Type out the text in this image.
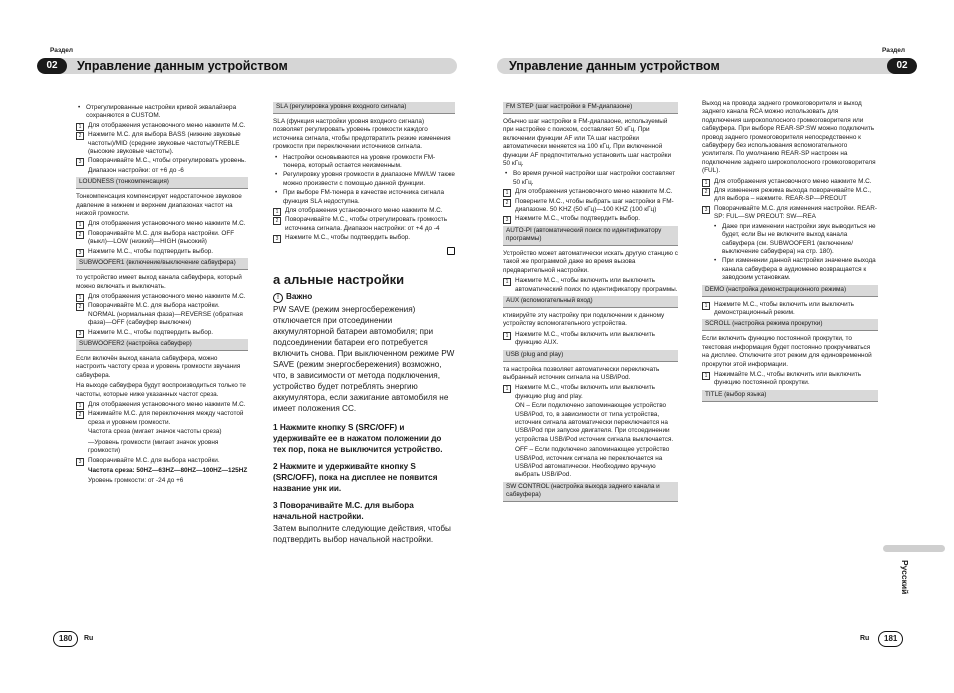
Раздел	Раздел
02	Управление данным устройством	Управление данным устройством	02
• Отрегулированные настройки кривой эквалайзера сохраняются в CUSTOM.
1	Для отображения установочного меню нажмите M.C.
2	Нажмите M.C. для выбора BASS (нижние звуковые частоты)/MID (средние звуковые частоты)/TREBLE (высокие звуковые частоты).
3	Поворачивайте M.C., чтобы отрегулировать уровень.
Диапазон настройки: от +6 до -6
LOUDNESS (тонкомпенсация)
Тонкомпенсация компенсирует недостаточное звуковое давление в нижнем и верхнем диапазонах частот на низкой громкости.
1	Для отображения установочного меню нажмите M.C.
2	Поворачивайте M.C. для выбора настройки. OFF (выкл)—LOW (низкий)—HIGH (высокий)
3	Нажмите M.C., чтобы подтвердить выбор.
SUBWOOFER1 (включение/выключение сабвуфера)
то устройство имеет выход канала сабвуфера, который можно включать и выключать.
1	Для отображения установочного меню нажмите M.C.
2	Поворачивайте M.C. для выбора настройки. NORMAL (нормальная фаза)—REVERSE (обратная фаза)—OFF (сабвуфер выключен)
3	Нажмите M.C., чтобы подтвердить выбор.
SUBWOOFER2 (настройка сабвуфер)
Если включён выход канала сабвуфера, можно настроить частоту среза и уровень громкости звучания сабвуфера.
На выходе сабвуфера будут воспроизводиться только те частоты, которые ниже указанных частот среза.
1	Для отображения установочного меню нажмите M.C.
2	Нажимайте M.C. для переключения между частотой среза и уровнем громкости.
Частота среза (мигает значок частоты среза)
—Уровень громкости (мигает значок уровня громкости)
3	Поворачивайте M.C. для выбора настройки.
Частота среза: 50HZ—63HZ—80HZ—100HZ—125HZ
Уровень громкости: от -24 до +6
SLA (регулировка уровня входного сигнала)
SLA (функция настройки уровня входного сигнала) позволяет регулировать уровень громкости каждого источника сигнала, чтобы предотвратить резкие изменения громкости при переключении источников сигнала.
• Настройки основываются на уровне громкости FM-тюнера, который остается неизменным.
• Регулировку уровня громкости в диапазоне MW/LW также можно произвести с помощью данной функции.
• При выборе FM-тюнера в качестве источника сигнала функция SLA недоступна.
1	Для отображения установочного меню нажмите M.C.
2	Поворачивайте M.C., чтобы отрегулировать громкость источника сигнала. Диапазон настройки: от +4 до -4
3	Нажмите M.C., чтобы подтвердить выбор.
а альные настройки
! Важно
PW SAVE (режим энергосбережения) отключается при отсоединении аккумуляторной батареи автомобиля; при подсоединении батареи его потребуется включить снова. При выключенном режиме PW SAVE (режим энергосбережения) возможно, что, в зависимости от метода подключения, устройство будет потреблять энергию аккумулятора, если зажигание автомобиля не имеет положения СС.
1 Нажмите кнопку S (SRC/OFF) и удерживайте ее в нажатом положении до тех пор, пока не выключится устройство.
2 Нажмите и удерживайте кнопку S (SRC/OFF), пока на дисплее не появится название унк ии.
3 Поворачивайте M.C. для выбора начальной настройки.
Затем выполните следующие действия, чтобы подтвердить выбор начальной настройки.
FM STEP (шаг настройки в FM-диапазоне)
Обычно шаг настройки в FM-диапазоне, используемый при настройке с поиском, составляет 50 кГц. При включении функции AF или TA шаг настройки автоматически меняется на 100 кГц. При включенной функции AF предпочтительно установить шаг настройки 50 кГц.
• Во время ручной настройки шаг настройки составляет 50 кГц.
1	Для отображения установочного меню нажмите M.C.
2	Поверните M.C., чтобы выбрать шаг настройки в FM-диапазоне. 50 KHZ (50 кГц)—100 KHZ (100 кГц)
3	Нажмите M.C., чтобы подтвердить выбор.
AUTO-PI (автоматический поиск по идентификатору программы)
Устройство может автоматически искать другую станцию с такой же программой даже во время вызова предварительной настройки.
1	Нажмите M.C., чтобы включить или выключить автоматический поиск по идентификатору программы.
AUX (вспомогательный вход)
ктивируйте эту настройку при подключении к данному устройству вспомогательного устройства.
1	Нажмите M.C., чтобы включить или выключить функцию AUX.
USB (plug and play)
та настройка позволяет автоматически переключать выбранный источник сигнала на USB/iPod.
1	Нажмите M.C., чтобы включить или выключить функцию plug and play.
ON – Если подключено запоминающее устройство USB/iPod, то, в зависимости от типа устройства, источник сигнала автоматически переключается на USB/iPod при запуске двигателя. При отсоединении устройства USB/iPod источник сигнала выключается.
OFF – Если подключено запоминающее устройство USB/iPod, источник сигнала не переключается на USB/iPod автоматически. Необходимо вручную выбрать USB/iPod.
SW CONTROL (настройка выхода заднего канала и сабвуфера)
Выход на провода заднего громкоговорителя и выход заднего канала RCA можно использовать для подключения широкополосного громкоговорителя или сабвуфера. При выборе REAR-SP:SW можно подключить провод заднего громкоговорителя непосредственно к сабвуферу без использования вспомогательного усилителя. По умолчанию REAR-SP настроен на подключение заднего широкополосного громкоговорителя (FUL).
1	Для отображения установочного меню нажмите M.C.
2	Для изменения режима выхода поворачивайте M.C., для выбора – нажмите. REAR-SP—PREOUT
3	Поворачивайте M.C. для изменения настройки. REAR-SP: FUL—SW PREOUT: SW—REA
• Даже при изменении настройки звук выводиться не будет, если Вы не включите выход канала сабвуфера (см. SUBWOOFER1 (включение/выключение сабвуфера) на стр. 180).
• При изменении данной настройки значение выхода канала сабвуфера в аудиоменю возвращается к заводским установкам.
DEMO (настройка демонстрационного режима)
1	Нажмите M.C., чтобы включить или выключить демонстрационный режим.
SCROLL (настройка режима прокрутки)
Если включить функцию постоянной прокрутки, то текстовая информация будет постоянно прокручиваться на дисплее. Отключите этот режим для единовременной прокрутки этой информации.
1	Нажимайте M.C., чтобы включить или выключить функцию постоянной прокрутки.
TITLE (выбор языка)
Русский
180	Ru	Ru	181
